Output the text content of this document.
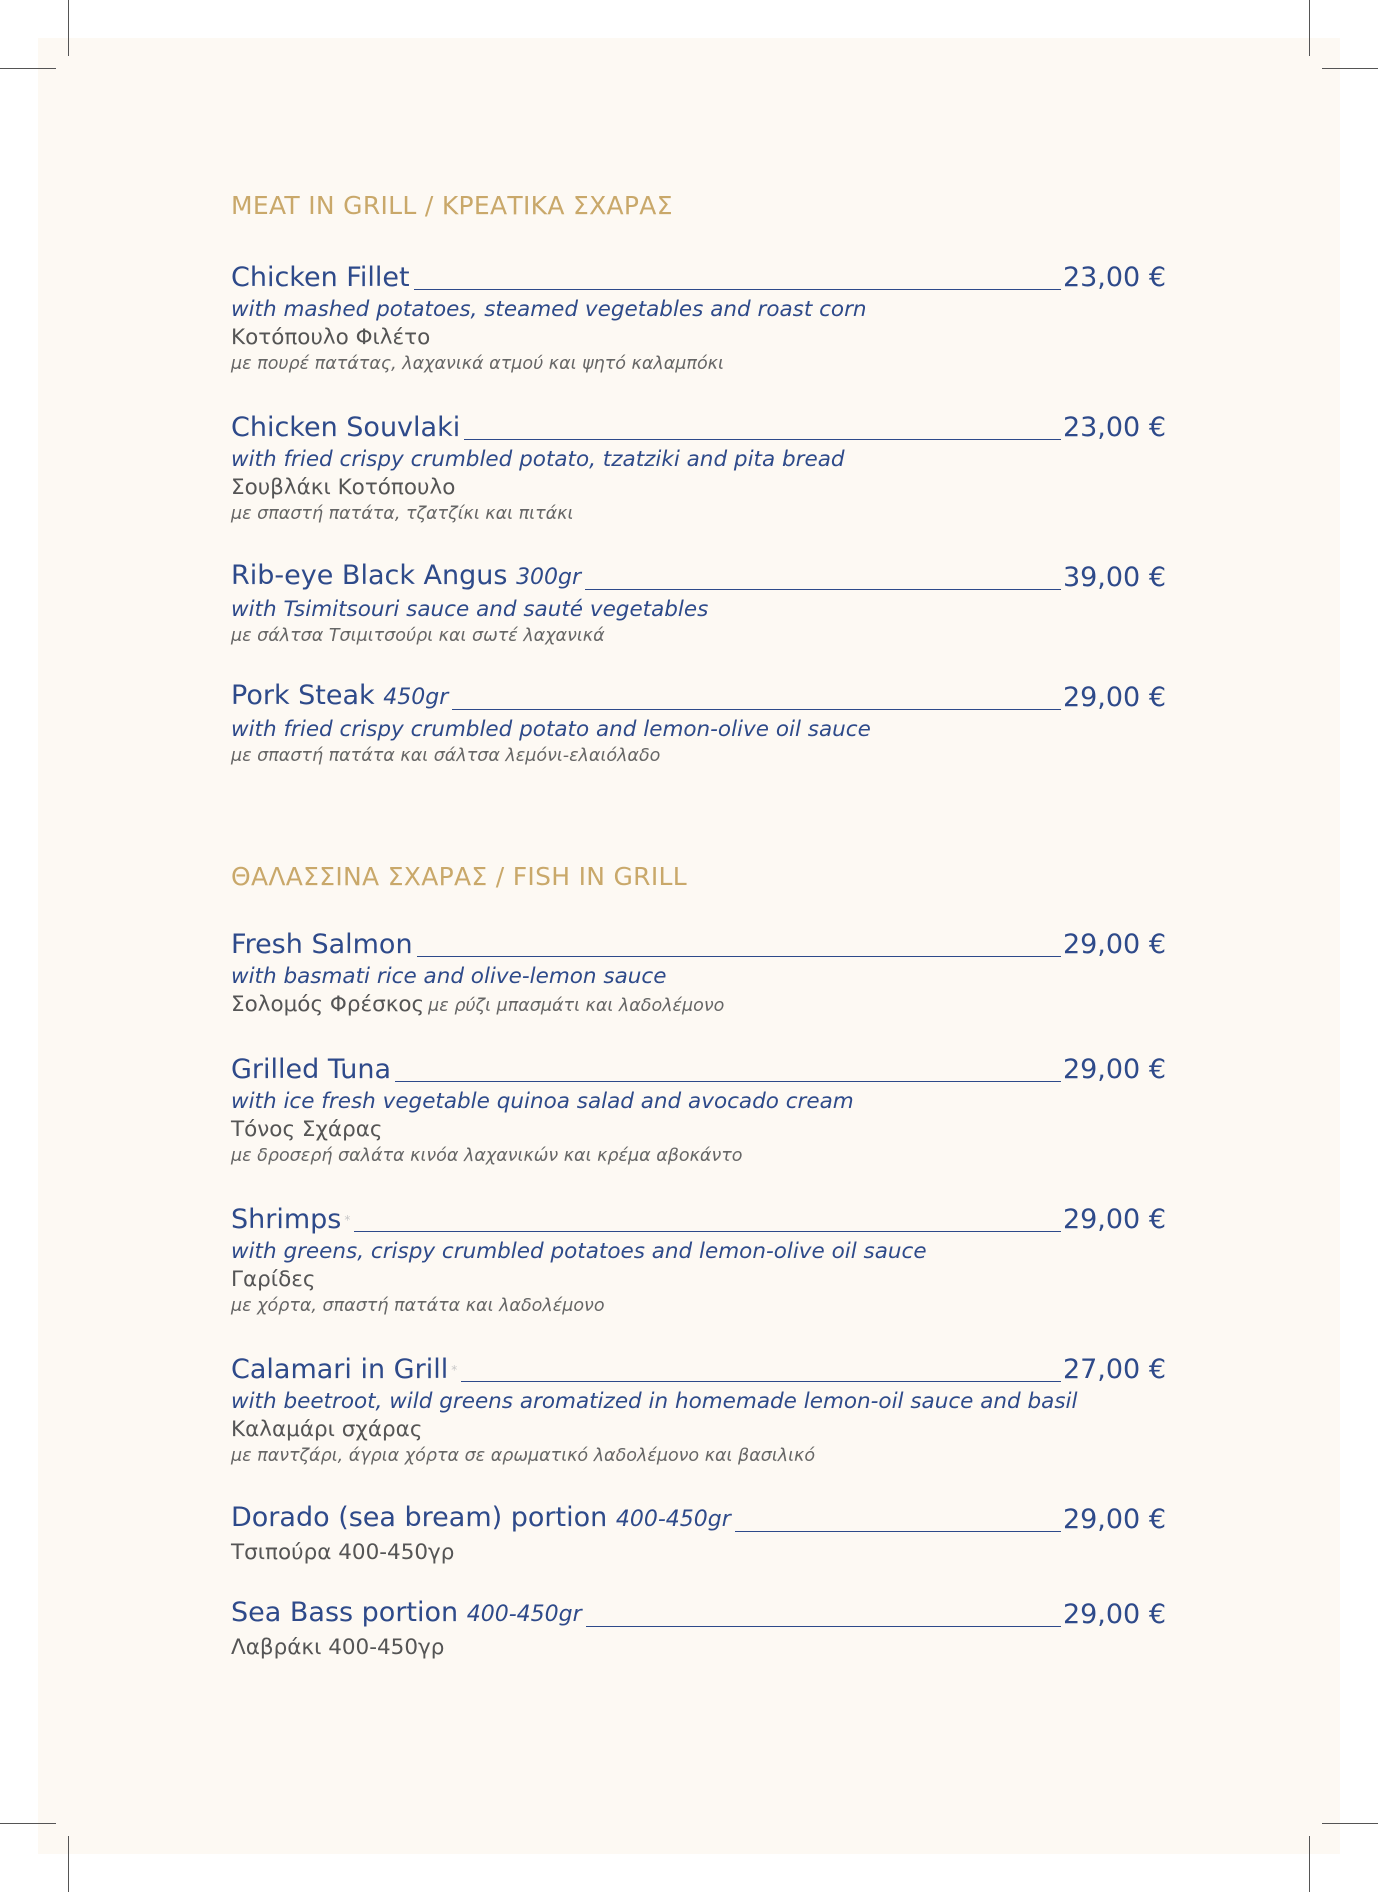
MEAT IN GRILL / ΚΡΕΑΤΙΚΑ ΣΧΑΡΑΣ
Chicken Fillet	23,00 €
with mashed potatoes, steamed vegetables and roast corn
Κοτόπουλο Φιλέτο
με πουρέ πατάτας, λαχανικά ατμού και ψητό καλαμπόκι
Chicken Souvlaki	23,00 €
with fried crispy crumbled potato, tzatziki and pita bread
Σουβλάκι Κοτόπουλο
με σπαστή πατάτα, τζατζίκι και πιτάκι
Rib-eye Black Angus 300gr	39,00 €
with Tsimitsouri sauce and sauté vegetables
με σάλτσα Τσιμιτσούρι και σωτέ λαχανικά
Pork Steak 450gr	29,00 €
with fried crispy crumbled potato and lemon-olive oil sauce
με σπαστή πατάτα και σάλτσα λεμόνι-ελαιόλαδο
ΘΑΛΑΣΣΙΝΑ ΣΧΑΡΑΣ / FISH IN GRILL
Fresh Salmon	29,00 €
with basmati rice and olive-lemon sauce
Σολομός Φρέσκος με ρύζι μπασμάτι και λαδολέμονο
Grilled Tuna	29,00 €
with ice fresh vegetable quinoa salad and avocado cream
Τόνος Σχάρας
με δροσερή σαλάτα κινόα λαχανικών και κρέμα αβοκάντο
Shrimps *	29,00 €
with greens, crispy crumbled potatoes and lemon-olive oil sauce
Γαρίδες
με χόρτα, σπαστή πατάτα και λαδολέμονο
Calamari in Grill *	27,00 €
with beetroot, wild greens aromatized in homemade lemon-oil sauce and basil
Καλαμάρι σχάρας
με παντζάρι, άγρια χόρτα σε αρωματικό λαδολέμονο και βασιλικό
Dorado (sea bream) portion 400-450gr	29,00 €
Τσιπούρα 400-450γρ
Sea Bass portion 400-450gr	29,00 €
Λαβράκι 400-450γρ
